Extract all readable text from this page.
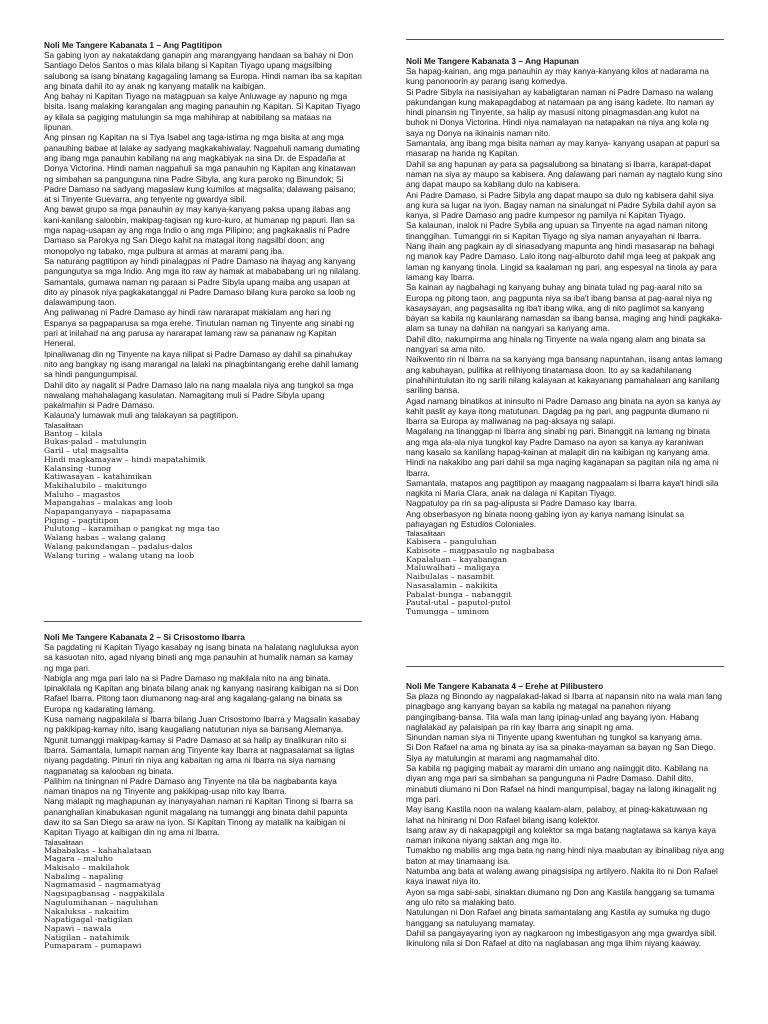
Noli Me Tangere Kabanata 1 – Ang Pagtitipon

Sa gabing iyon ay nakatakdang ganapin ang marangyang handaan sa bahay ni Don Santiago Delos Santos o mas kilala bilang si Kapitan Tiyago upang magsilbing salubong sa isang binatang kagagaling lamang sa Europa. Hindi naman iba sa kapitan ang binata dahil ito ay anak ng kanyang matalik na kaibigan.

Ang bahay ni Kapitan Tiyago na matagpuan sa kalye Anluwage ay napuno ng mga bisita. Isang malaking karangalan ang maging panauhin ng Kapitan. Si Kapitan Tiyago ay kilala sa pagiging matulungin sa mga mahihirap at nabibilang sa mataas na lipunan.

Ang pinsan ng Kapitan na si Tiya Isabel ang taga-istima ng mga bisita at ang mga panauhing babae at lalake ay sadyang magkakahiwalay. Nagpahuli namang dumating ang ibang mga panauhin kabilang na ang magkabiyak na sina Dr. de Espadaña at Donya Victorina. Hindi naman nagpahuli sa mga panauhin ng Kapitan ang kinatawan ng simbahan sa pangunguna nina Padre Sibyla, ang kura paroko ng Binundok; Si Padre Damaso na sadyang magaslaw kung kumilos at magsalita; dalawang paisano; at si Tinyente Guevarra, ang tenyente ng gwardya sibil.

Ang bawat grupo sa mga panauhin ay may kanya-kanyang paksa upang ilabas ang kani-kanilang saloobin, makipag-tagisan ng kuro-kuro, at humanap ng papuri. Ilan sa mga napag-usapan ay ang mga Indio o ang mga Pilipino; ang pagkakaalis ni Padre Damaso sa Parokya ng San Diego kahit na matagal itong nagsilbi doon; ang monopolyo ng tabako, mga pulbura at armas at marami pang iba.

Sa naturang pagtitipon ay hindi pinalagpas ni Padre Damaso na ihayag ang kanyang pangungutya sa mga Indio. Ang mga ito raw ay hamak at mabababang uri ng nilalang.

Samantala, gumawa naman ng paraan si Padre Sibyla upang maiba ang usapan at dito ay pinasok niya pagkakatanggal ni Padre Damaso bilang kura paroko sa loob ng dalawampung taon.

Ang paliwanag ni Padre Damaso ay hindi raw nararapat makialam ang hari ng Espanya sa pagpaparusa sa mga erehe. Tinutulan naman ng Tinyente ang sinabi ng pari at inilahad na ang parusa ay nararapat lamang raw sa pananaw ng Kapitan Heneral.

Ipinaliwanag din ng Tinyente na kaya nilipat si Padre Damaso ay dahil sa pinahukay nito ang bangkay ng isang marangal na lalaki na pinagbintangang erehe dahil lamang sa hindi pangungumpisal.

Dahil dito ay nagalit si Padre Damaso lalo na nang maalala niya ang tungkol sa mga nawalang mahahalagang kasulatan. Namagitang muli si Padre Sibyla upang pakalmahin si Padre Damaso.

Kalauna'y lumawak muli ang talakayan sa pagtitipon.

Talasalitaan
Bantog – kilala
Bukas-palad – matulungin
Garil – utal magsalita
Hindi magkamayaw – hindi mapatahimik
Kalansing -tunog
Katiwasayan – katahimikan
Makihalubilo – makitungo
Maluho – magastos
Mapangahas – malakas ang loob
Napapanganyaya – napapasama
Piging – pagtitipon
Pulutong – karamihan o pangkat ng mga tao
Walang habas – walang galang
Walang pakundangan – padalus-dalos
Walang turing – walang utang na loob
Noli Me Tangere Kabanata 2 – Si Crisostomo Ibarra

Sa pagdating ni Kapitan Tiyago kasabay ng isang binata na halatang nagluluksa ayon sa kasuotan nito, agad niyang binati ang mga panauhin at humalik naman sa kamay ng mga pari.

Nabigla ang mga pari lalo na si Padre Damaso ng makilala nito na ang binata. Ipinakilala ng Kapitan ang binata bilang anak ng kanyang nasirang kaibigan na si Don Rafael Ibarra. Pitong taon diumanong nag-aral ang kagalang-galang na binata sa Europa ng kadarating lamang.

Kusa namang nagpakilala si Ibarra bilang Juan Crisostomo Ibarra y Magsalin kasabay ng pakikipag-kamay nito, isang kaugaliang natutunan niya sa bansang Alemanya.

Ngunit tumanggi makipag-kamay si Padre Damaso at sa halip ay tinalikuran nito si Ibarra. Samantala, lumapit naman ang Tinyente kay Ibarra at nagpasalamat sa ligtas niyang pagdating. Pinuri rin niya ang kabaitan ng ama ni Ibarra na siya namang nagpanatag sa kalooban ng binata.

Palihim na tiningnan ni Padre Damaso ang Tinyente na tila ba nagbabanta kaya naman tinapos na ng Tinyente ang pakikipag-usap nito kay Ibarra.

Nang malapit ng maghapunan ay inanyayahan naman ni Kapitan Tinong si Ibarra sa pananghalian kinabukasan ngunit magalang na tumanggi ang binata dahil papunta daw ito sa San Diego sa araw na iyon. Si Kapitan Tinong ay matalik na kaibigan ni Kapitan Tiyago at kaibigan din ng ama ni Ibarra.

Talasalitaan
Mababakas – kahahalataan
Magara – maluho
Makisalo – makilahok
Nabaling – napaling
Nagmamasid – nagmamatyag
Nagsipagbansag – nagpakilala
Nagulumihanan – naguluhan
Nakaluksa – nakaitim
Napatigagal -natigilan
Napawi – nawala
Natigilan – natahimik
Pumaparam – pumapawi
Noli Me Tangere Kabanata 3 – Ang Hapunan

Sa hapag-kainan, ang mga panauhin ay may kanya-kanyang kilos at nadarama na kung panonoorin ay parang isang komedya.

Si Padre Sibyla na nasisiyahan ay kabaligtaran naman ni Padre Damaso na walang pakundangan kung makapagdabog at natamaan pa ang isang kadete. Ito naman ay hindi pinansin ng Tinyente, sa halip ay masusi nitong pinagmasdan ang kulot na buhok ni Donya Victorina. Hindi niya namalayan na natapakan na niya ang kola ng saya ng Donya na ikinainis naman nito.

Samantala, ang ibang mga bisita naman ay may kanya- kanyang usapan at papuri sa masarap na handa ng Kapitan.

Dahil sa ang hapunan ay para sa pagsalubong sa binatang si Ibarra, karapat-dapat naman na siya ay maupo sa kabisera. Ang dalawang pari naman ay nagtalo kung sino ang dapat maupo sa kabilang dulo na kabisera.

Ani Padre Damaso, si Padre Sibyla ang dapat maupo sa dulo ng kabisera dahil siya ang kura sa lugar na iyon. Bagay naman na sinalungat ni Padre Sybila dahil ayon sa kanya, si Padre Damaso ang padre kumpesor ng pamilya ni Kapitan Tiyago.

Sa kalaunan, inalok ni Padre Sybila ang upuan sa Tinyente na agad naman nitong tinanggihan. Tumanggi rin si Kapitan Tiyago ng siya naman anyayahan ni Ibarra.

Nang ihain ang pagkain ay di sinasadyang mapunta ang hindi masasarap na bahagi ng manok kay Padre Damaso. Lalo itong nag-alburoto dahil mga leeg at pakpak ang laman ng kanyang tinola. Lingid sa kaalaman ng pari, ang espesyal na tinola ay para lamang kay Ibarra.

Sa kainan ay nagbahagi ng kanyang buhay ang binata tulad ng pag-aaral nito sa Europa ng pitong taon, ang pagpunta niya sa iba't ibang bansa at pag-aaral niya ng kasaysayan, ang pagsasalita ng iba't ibang wika, ang di nito paglimot sa kanyang bayan sa kabila ng kaunlarang namasdan sa ibang bansa, maging ang hindi pagkaka-alam sa tunay na dahilan na nangyari sa kanyang ama.

Dahil dito, nakumpirma ang hinala ng Tinyente na wala ngang alam ang binata sa nangyari sa ama nito.

Naikwento rin ni Ibarra na sa kanyang mga bansang napuntahan, iisang antas lamang ang kabuhayan, pulitika at relihiyong tinatamasa doon. Ito ay sa kadahilanang pinahihintulutan ito ng sarili nilang kalayaan at kakayanang pamahalaan ang kanilang sariling bansa.

Agad namang binatikos at ininsulto ni Padre Damaso ang binata na ayon sa kanya ay kahit paslit ay kaya itong matutunan. Dagdag pa ng pari, ang pagpunta diumano ni Ibarra sa Europa ay maliwanag na pag-aksaya ng salapi.

Magalang na tinanggap ni Ibarra ang sinabi ng pari. Binanggit na lamang ng binata ang mga ala-ala niya tungkol kay Padre Damaso na ayon sa kanya ay karaniwan nang kasalo sa kanilang hapag-kainan at malapit din na kaibigan ng kanyang ama.

Hindi na nakakibo ang pari dahil sa mga naging kaganapan sa pagitan nila ng ama ni Ibarra.

Samantala, matapos ang pagtitipon ay maagang nagpaalam si Ibarra kaya't hindi sila nagkita ni Maria Clara, anak na dalaga ni Kapitan Tiyago.

Nagpatuloy pa rin sa pag-alipusta si Padre Damaso kay Ibarra.

Ang obserbasyon ng binata noong gabing iyon ay kanya namang isinulat sa pahayagan ng Estudios Coloniales.

Talasalitaan
Kabisera – panguluhan
Kabisote – magpasaulo ng nagbabasa
Kapalaluan – kayabangan
Maluwalhati – maligaya
Naibulalas – nasambit
Nasasalamin – nakikita
Pabalat-bunga – nabanggit
Pautal-utal – paputol-putol
Tumungga – uminom
Noli Me Tangere Kabanata 4 – Erehe at Pilibustero

Sa plaza ng Binondo ay nagpalakad-lakad si Ibarra at napansin nito na wala man lang pinagbago ang kanyang bayan sa kabila ng matagal na panahon niyang pangingibang-bansa. Tila wala man lang ipinag-unlad ang bayang iyon. Habang naglalakad ay palaisipan pa rin kay Ibarra ang sinapit ng ama.

Sinundan naman siya ni Tinyente upang kwentuhan ng tungkol sa kanyang ama.

Si Don Rafael na ama ng binata ay isa sa pinaka-mayaman sa bayan ng San Diego. Siya ay matulungin at marami ang nagmamahal dito.

Sa kabila ng pagiging mabait ay marami din umano ang naiinggit dito. Kabilang na diyan ang mga pari sa simbahan sa pangunguna ni Padre Damaso. Dahil dito, minabuti diumano ni Don Rafael na hindi mangumpisal, bagay na lalong ikinagalit ng mga pari.

May isang Kastila noon na walang kaalam-alam, palaboy, at pinag-kakatuwaan ng lahat na hinirang ni Don Rafael bilang isang kolektor.

Isang araw ay di nakapagpigil ang kolektor sa mga batang nagtatawa sa kanya kaya naman inikona niyang saktan ang mga ito.

Tumakbo ng mabilis ang mga bata ng nang hindi niya maabutan ay ibinalibag niya ang baton at may tinamaang isa.

Natumba ang bata at walang awang pinagsisipa ng artilyero. Nakita ito ni Don Rafael kaya inawat niya ito.

Ayon sa mga sabi-sabi, sinaktan diumano ng Don ang Kastila hanggang sa tumama ang ulo nito sa malaking bato.

Natulungan ni Don Rafael ang binata samantalang ang Kastila ay sumuka ng dugo hanggang sa natuluyang mamatay.

Dahil sa pangayayaring iyon ay nagkaroon ng imbestigasyon ang mga gwardya sibil. Ikinulong nila si Don Rafael at dito na naglabasan ang mga lihim niyang kaaway.
